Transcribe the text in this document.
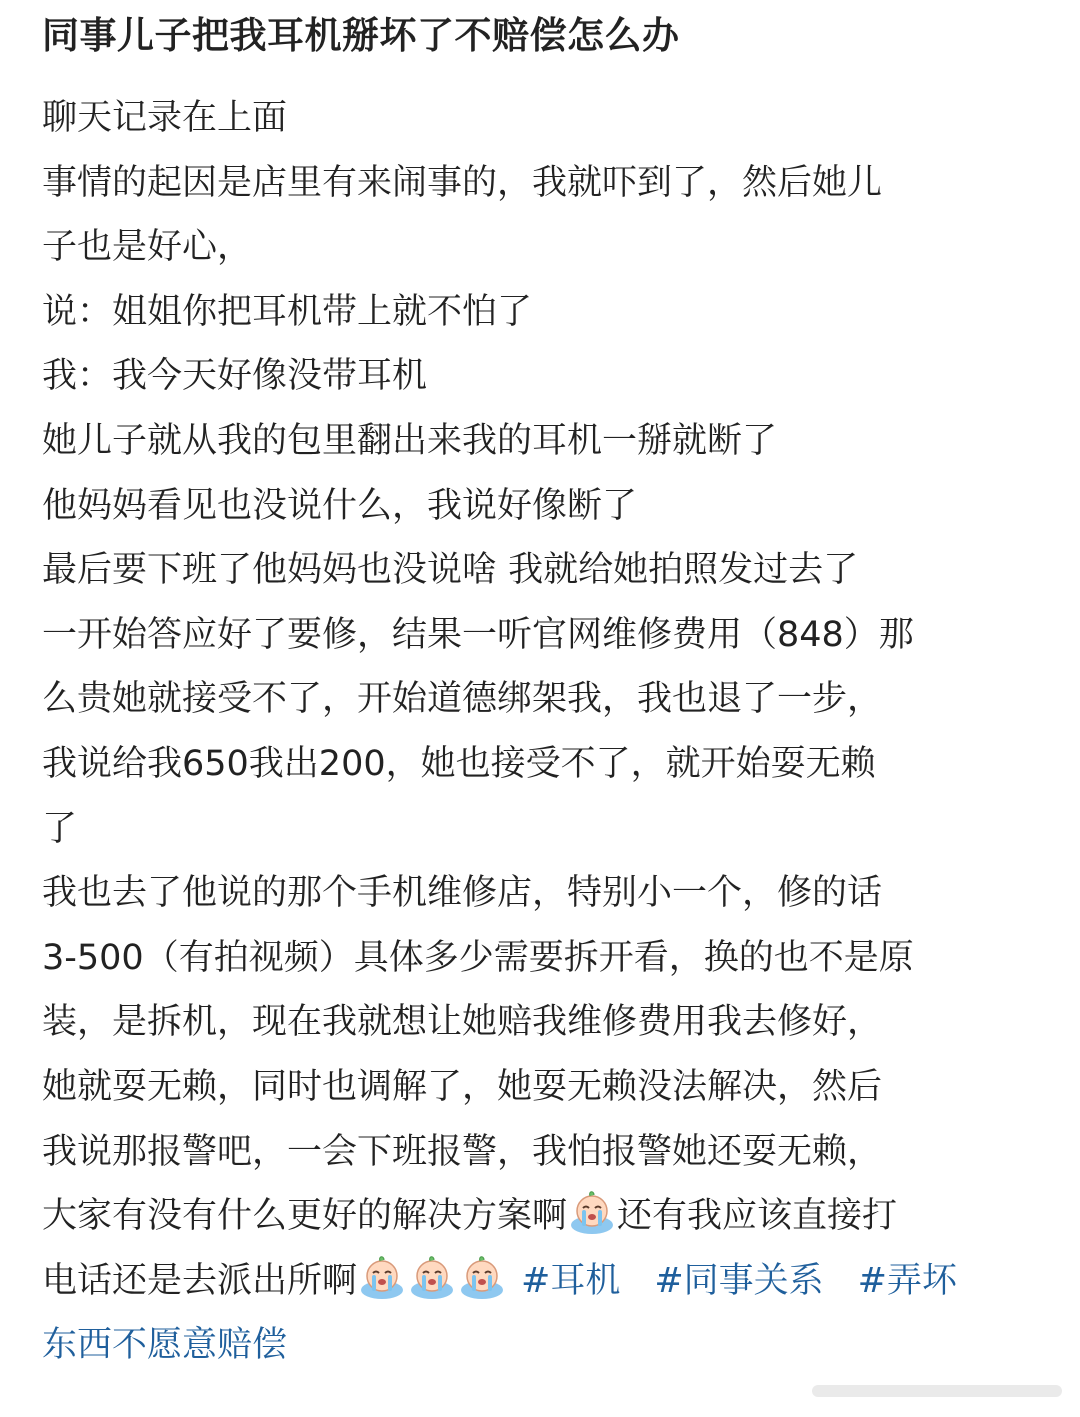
同事儿子把我耳机掰坏了不赔偿怎么办
聊天记录在上面
事情的起因是店里有来闹事的，我就吓到了，然后她儿
子也是好心，
说：姐姐你把耳机带上就不怕了
我：我今天好像没带耳机
她儿子就从我的包里翻出来我的耳机一掰就断了
他妈妈看见也没说什么，我说好像断了
最后要下班了他妈妈也没说啥 我就给她拍照发过去了
一开始答应好了要修，结果一听官网维修费用（848）那
么贵她就接受不了，开始道德绑架我，我也退了一步，
我说给我650我出200，她也接受不了，就开始耍无赖
了
我也去了他说的那个手机维修店，特别小一个，修的话
3-500（有拍视频）具体多少需要拆开看，换的也不是原
装，是拆机，现在我就想让她赔我维修费用我去修好，
她就耍无赖，同时也调解了，她耍无赖没法解决，然后
我说那报警吧，一会下班报警，我怕报警她还耍无赖，
大家有没有什么更好的解决方案啊 还有我应该直接打
电话还是去派出所啊	#耳机 #同事关系 #弄坏
东西不愿意赔偿
